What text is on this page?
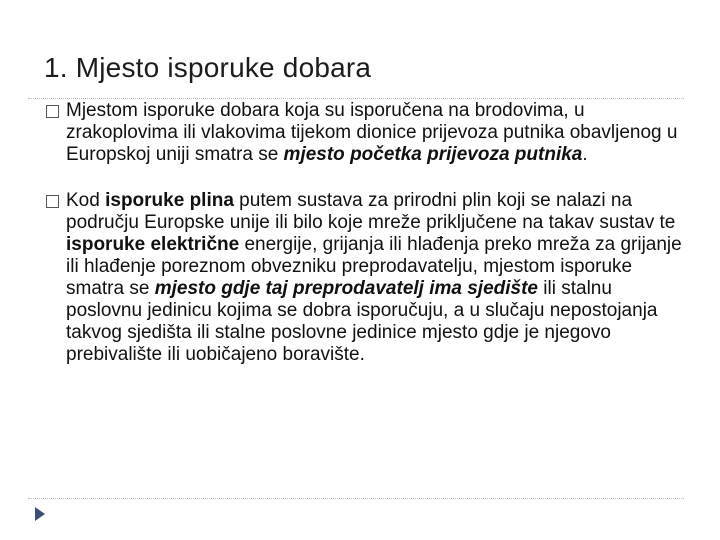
1. Mjesto isporuke dobara
Mjestom isporuke dobara koja su isporučena na brodovima, u zrakoplovima ili vlakovima tijekom dionice prijevoza putnika obavljenog u Europskoj uniji smatra se mjesto početka prijevoza putnika.
Kod isporuke plina putem sustava za prirodni plin koji se nalazi na području Europske unije ili bilo koje mreže priključene na takav sustav te isporuke električne energije, grijanja ili hlađenja preko mreža za grijanje ili hlađenje poreznom obvezniku preprodavatelju, mjestom isporuke smatra se mjesto gdje taj preprodavatelj ima sjedište ili stalnu poslovnu jedinicu kojima se dobra isporučuju, a u slučaju nepostojanja takvog sjedišta ili stalne poslovne jedinice mjesto gdje je njegovo prebivalište ili uobičajeno boravište.
